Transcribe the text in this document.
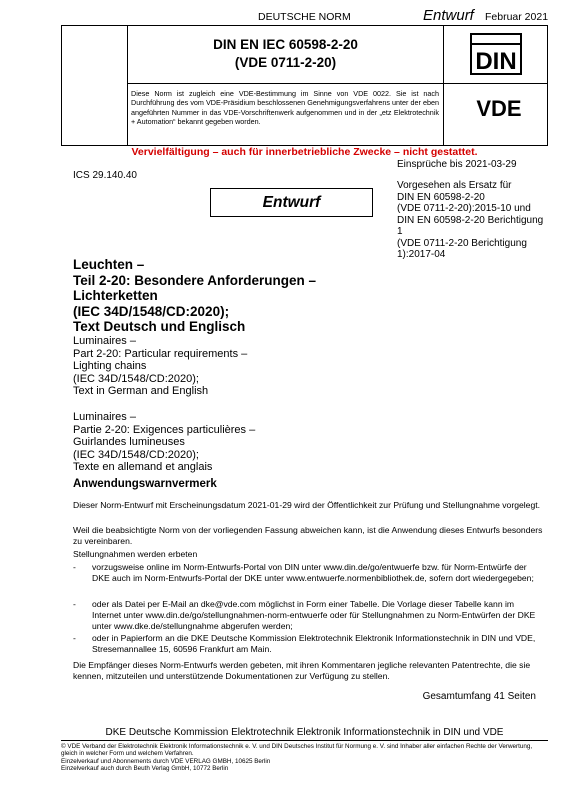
DEUTSCHE NORM	Entwurf Februar 2021
DIN EN IEC 60598-2-20
(VDE 0711-2-20)
Diese Norm ist zugleich eine VDE-Bestimmung im Sinne von VDE 0022. Sie ist nach Durchführung des vom VDE-Präsidium beschlossenen Genehmigungsverfahrens unter der eben angeführten Nummer in das VDE-Vorschriftenwerk aufgenommen und in der „etz Elektrotechnik + Automation“ bekannt gegeben worden.
DIN
VDE
Vervielfältigung – auch für innerbetriebliche Zwecke – nicht gestattet.
Einsprüche bis 2021-03-29
ICS 29.140.40
Vorgesehen als Ersatz für
DIN EN 60598-2-20
(VDE 0711-2-20):2015-10 und
DIN EN 60598-2-20 Berichtigung 1
(VDE 0711-2-20 Berichtigung
1):2017-04
Entwurf
Leuchten –
Teil 2-20: Besondere Anforderungen –
Lichterketten
(IEC 34D/1548/CD:2020);
Text Deutsch und Englisch
Luminaires –
Part 2-20: Particular requirements –
Lighting chains
(IEC 34D/1548/CD:2020);
Text in German and English
Luminaires –
Partie 2-20: Exigences particulières –
Guirlandes lumineuses
(IEC 34D/1548/CD:2020);
Texte en allemand et anglais
Anwendungswarnvermerk
Dieser Norm-Entwurf mit Erscheinungsdatum 2021-01-29 wird der Öffentlichkeit zur Prüfung und Stellungnahme vorgelegt.
Weil die beabsichtigte Norm von der vorliegenden Fassung abweichen kann, ist die Anwendung dieses Entwurfs besonders zu vereinbaren.
Stellungnahmen werden erbeten
- vorzugsweise online im Norm-Entwurfs-Portal von DIN unter www.din.de/go/entwuerfe bzw. für Norm-Entwürfe der DKE auch im Norm-Entwurfs-Portal der DKE unter www.entwuerfe.normenbibliothek.de, sofern dort wiedergegeben;
- oder als Datei per E-Mail an dke@vde.com möglichst in Form einer Tabelle. Die Vorlage dieser Tabelle kann im Internet unter www.din.de/go/stellungnahmen-norm-entwuerfe oder für Stellungnahmen zu Norm-Entwürfen der DKE unter www.dke.de/stellungnahme abgerufen werden;
- oder in Papierform an die DKE Deutsche Kommission Elektrotechnik Elektronik Informationstechnik in DIN und VDE, Stresemannallee 15, 60596 Frankfurt am Main.
Die Empfänger dieses Norm-Entwurfs werden gebeten, mit ihren Kommentaren jegliche relevanten Patentrechte, die sie kennen, mitzuteilen und unterstützende Dokumentationen zur Verfügung zu stellen.
Gesamtumfang 41 Seiten
DKE Deutsche Kommission Elektrotechnik Elektronik Informationstechnik in DIN und VDE
© VDE Verband der Elektrotechnik Elektronik Informationstechnik e. V. und DIN Deutsches Institut für Normung e. V. sind Inhaber aller einfachen Rechte der Verwertung, gleich in welcher Form und welchem Verfahren.
Einzelverkauf und Abonnements durch VDE VERLAG GMBH, 10625 Berlin
Einzelverkauf auch durch Beuth Verlag GmbH, 10772 Berlin
